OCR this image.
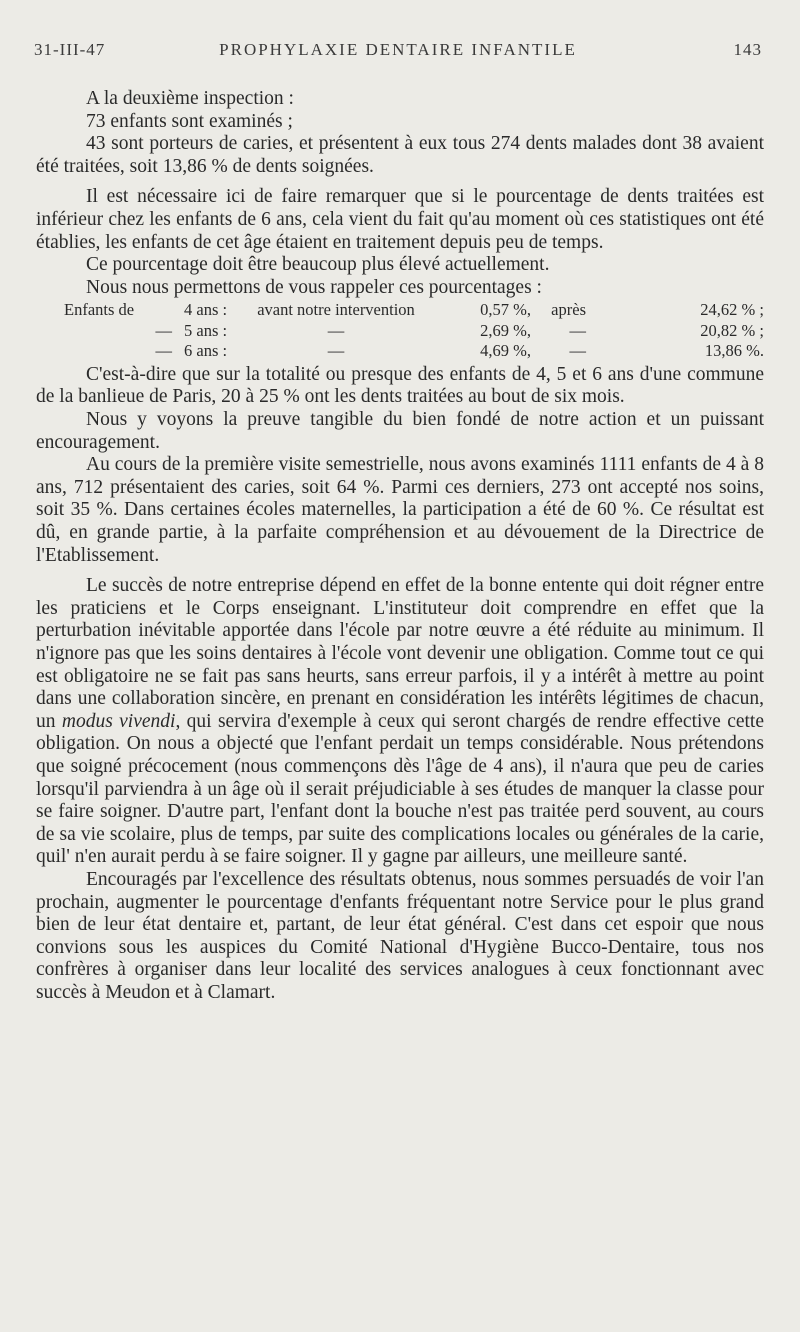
31-III-47	PROPHYLAXIE DENTAIRE INFANTILE	143

A la deuxième inspection :

73 enfants sont examinés ;

43 sont porteurs de caries, et présentent à eux tous 274 dents malades dont 38 avaient été traitées, soit 13,86 % de dents soignées.

Il est nécessaire ici de faire remarquer que si le pourcentage de dents traitées est inférieur chez les enfants de 6 ans, cela vient du fait qu'au moment où ces statistiques ont été établies, les enfants de cet âge étaient en traitement depuis peu de temps.

Ce pourcentage doit être beaucoup plus élevé actuellement.

Nous nous permettons de vous rappeler ces pourcentages :

Enfants de	4 ans :	avant notre intervention	0,57 %,	après	24,62 % ;
—	5 ans :	—	2,69 %,	—	20,82 % ;
—	6 ans :	—	4,69 %,	—	13,86 %.

C'est-à-dire que sur la totalité ou presque des enfants de 4, 5 et 6 ans d'une commune de la banlieue de Paris, 20 à 25 % ont les dents traitées au bout de six mois.

Nous y voyons la preuve tangible du bien fondé de notre action et un puissant encouragement.

Au cours de la première visite semestrielle, nous avons examinés 1111 enfants de 4 à 8 ans, 712 présentaient des caries, soit 64 %. Parmi ces derniers, 273 ont accepté nos soins, soit 35 %. Dans certaines écoles maternelles, la participation a été de 60 %. Ce résultat est dû, en grande partie, à la parfaite compréhension et au dévouement de la Directrice de l'Etablissement.

Le succès de notre entreprise dépend en effet de la bonne entente qui doit régner entre les praticiens et le Corps enseignant. L'instituteur doit comprendre en effet que la perturbation inévitable apportée dans l'école par notre œuvre a été réduite au minimum. Il n'ignore pas que les soins dentaires à l'école vont devenir une obligation. Comme tout ce qui est obligatoire ne se fait pas sans heurts, sans erreur parfois, il y a intérêt à mettre au point dans une collaboration sincère, en prenant en considération les intérêts légitimes de chacun, un modus vivendi, qui servira d'exemple à ceux qui seront chargés de rendre effective cette obligation. On nous a objecté que l'enfant perdait un temps considérable. Nous prétendons que soigné précocement (nous commençons dès l'âge de 4 ans), il n'aura que peu de caries lorsqu'il parviendra à un âge où il serait préjudiciable à ses études de manquer la classe pour se faire soigner. D'autre part, l'enfant dont la bouche n'est pas traitée perd souvent, au cours de sa vie scolaire, plus de temps, par suite des complications locales ou générales de la carie, quil' n'en aurait perdu à se faire soigner. Il y gagne par ailleurs, une meilleure santé.

Encouragés par l'excellence des résultats obtenus, nous sommes persuadés de voir l'an prochain, augmenter le pourcentage d'enfants fréquentant notre Service pour le plus grand bien de leur état dentaire et, partant, de leur état général. C'est dans cet espoir que nous convions sous les auspices du Comité National d'Hygiène Bucco-Dentaire, tous nos confrères à organiser dans leur localité des services analogues à ceux fonctionnant avec succès à Meudon et à Clamart.
